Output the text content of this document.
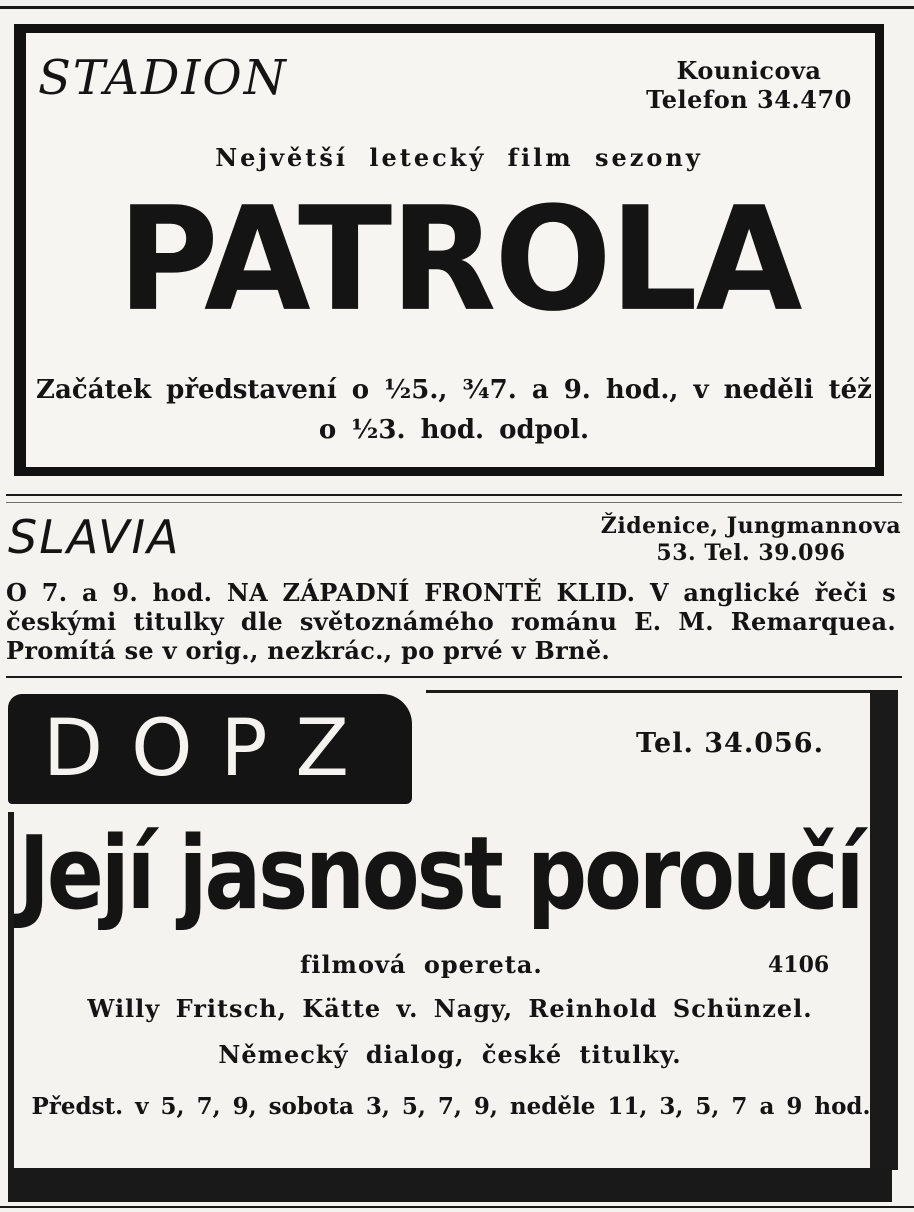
STADION	Kounicova
Telefon 34.470
Největší letecký film sezony
PATROLA
Začátek představení o ½5., ¾7. a 9. hod., v neděli též o ½3. hod. odpol.
SLAVIA	Židenice, Jungmannova 53. Tel. 39.096
O 7. a 9. hod. NA ZÁPADNÍ FRONTĚ KLID. V anglické řeči s českými titulky dle světoznámého románu E. M. Remarquea. Promítá se v orig., nezkrác., po prvé v Brně.
DOPZ	Tel. 34.056.
Její jasnost poroučí
filmová opereta.	4106
Willy Fritsch, Kätte v. Nagy, Reinhold Schünzel.
Německý dialog, české titulky.
Předst. v 5, 7, 9, sobota 3, 5, 7, 9, neděle 11, 3, 5, 7 a 9 hod.
